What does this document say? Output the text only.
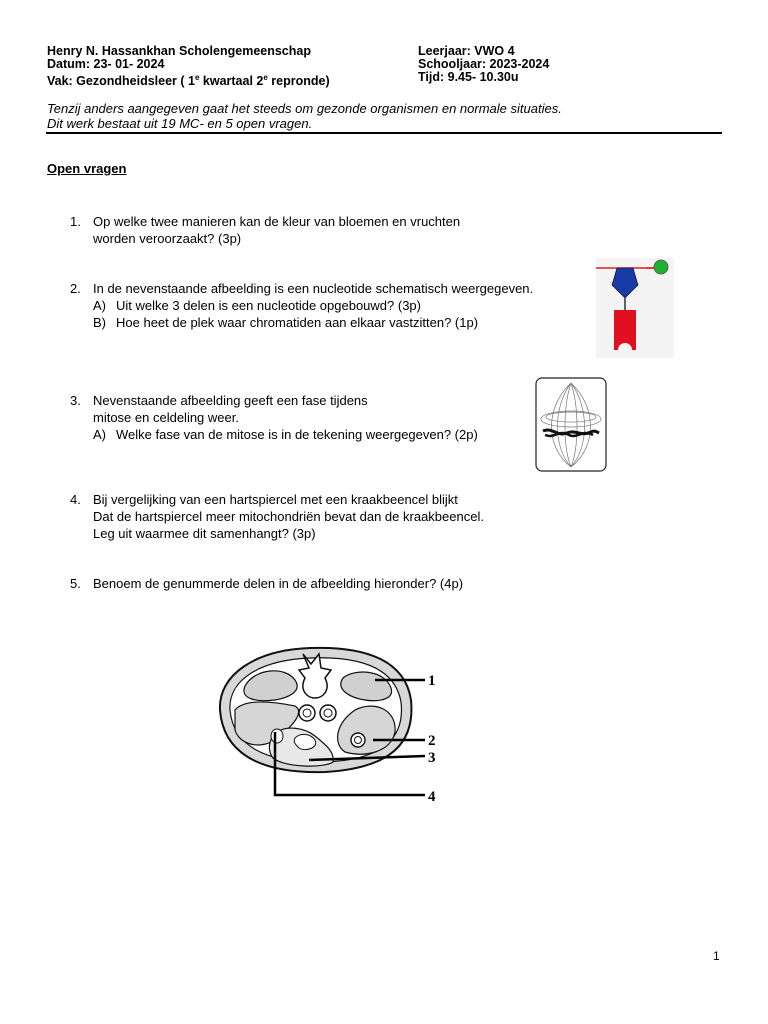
Henry N. Hassankhan Scholengemeenschap
Datum: 23- 01- 2024
Vak: Gezondheidsleer ( 1e kwartaal 2e repronde)
Leerjaar: VWO 4
Schooljaar: 2023-2024
Tijd: 9.45- 10.30u
Tenzij anders aangegeven gaat het steeds om gezonde organismen en normale situaties.
Dit werk bestaat uit 19 MC- en 5 open vragen.
Open vragen
1. Op welke twee manieren kan de kleur van bloemen en vruchten
worden veroorzaakt? (3p)
2. In de nevenstaande afbeelding is een nucleotide schematisch weergegeven.
A) Uit welke 3 delen is een nucleotide opgebouwd? (3p)
B) Hoe heet de plek waar chromatiden aan elkaar vastzitten? (1p)
3. Nevenstaande afbeelding geeft een fase tijdens
mitose en celdeling weer.
A) Welke fase van de mitose is in de tekening weergegeven? (2p)
4. Bij vergelijking van een hartspiercel met een kraakbeencel blijkt
Dat de hartspiercel meer mitochondriën bevat dan de kraakbeencel.
Leg uit waarmee dit samenhangt? (3p)
5. Benoem de genummerde delen in de afbeelding hieronder? (4p)
1
2
3
4
1
